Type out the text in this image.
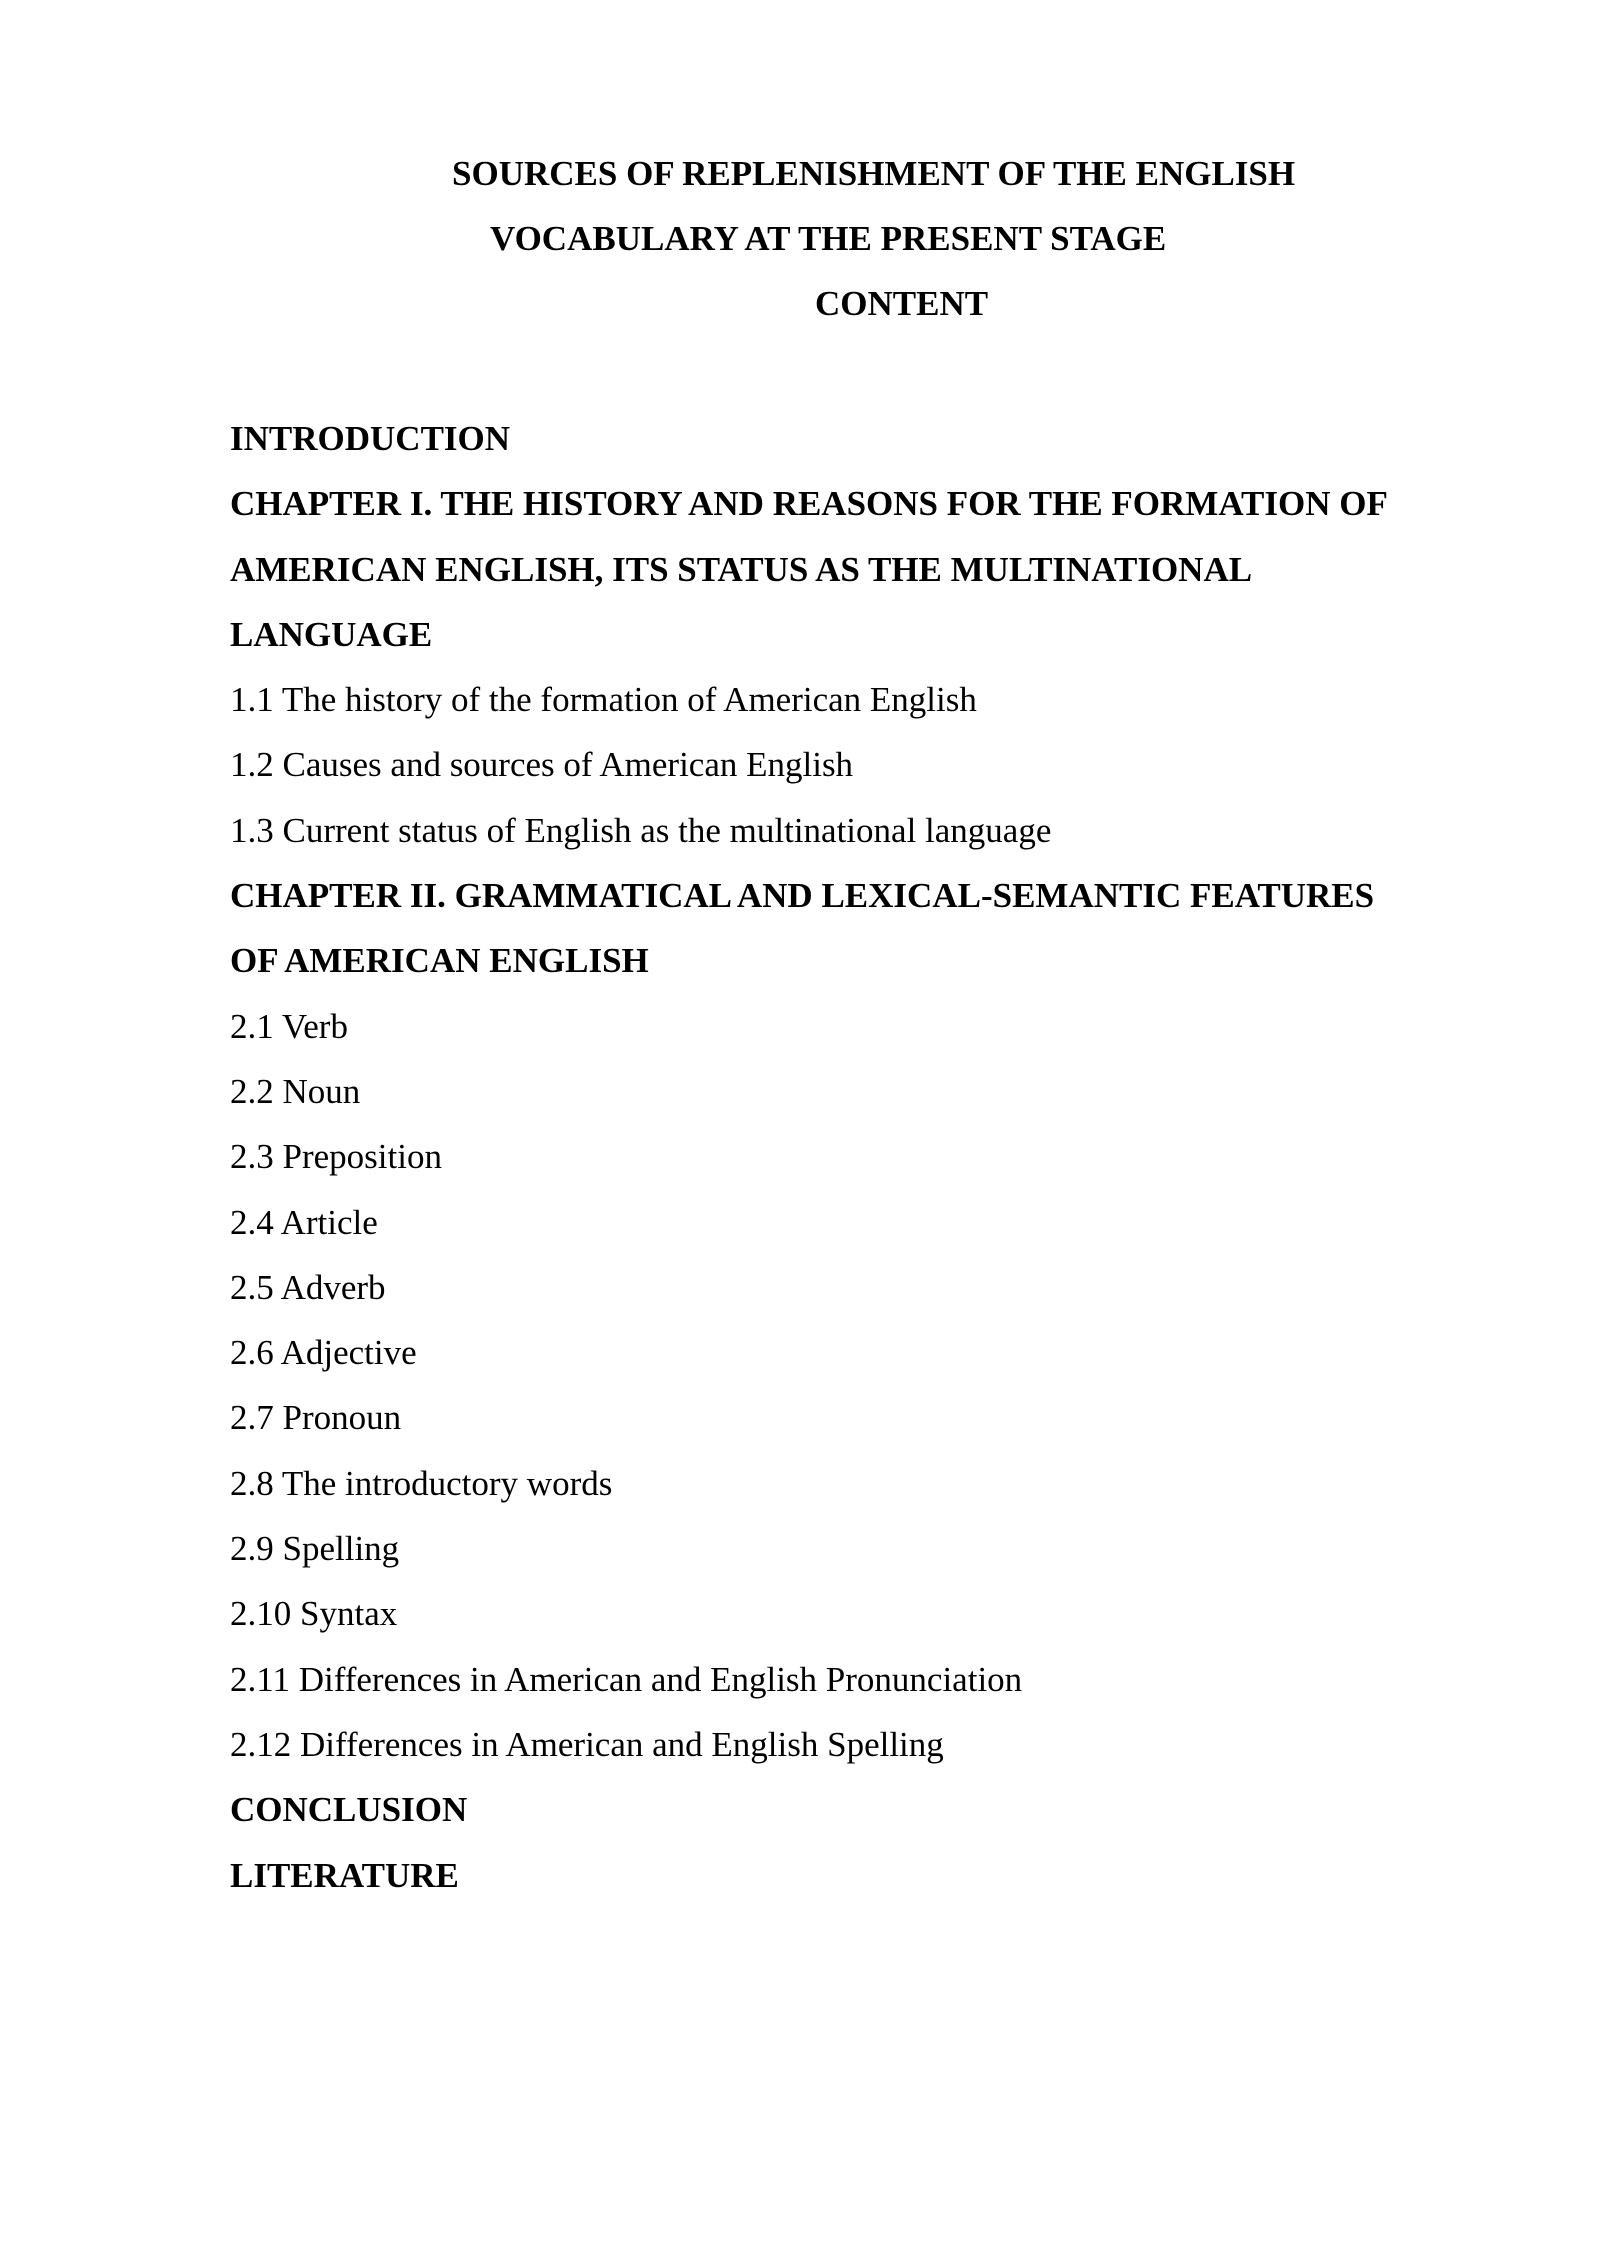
SOURCES OF REPLENISHMENT OF THE ENGLISH
VOCABULARY AT THE PRESENT STAGE
CONTENT
INTRODUCTION
CHAPTER I. THE HISTORY AND REASONS FOR THE FORMATION OF
AMERICAN ENGLISH, ITS STATUS AS THE MULTINATIONAL
LANGUAGE
1.1 The history of the formation of American English
1.2 Causes and sources of American English
1.3 Current status of English as the multinational language
CHAPTER II. GRAMMATICAL AND LEXICAL-SEMANTIC FEATURES
OF AMERICAN ENGLISH
2.1 Verb
2.2 Noun
2.3 Preposition
2.4 Article
2.5 Adverb
2.6 Adjective
2.7 Pronoun
2.8 The introductory words
2.9 Spelling
2.10 Syntax
2.11 Differences in American and English Pronunciation
2.12 Differences in American and English Spelling
CONCLUSION
LITERATURE
